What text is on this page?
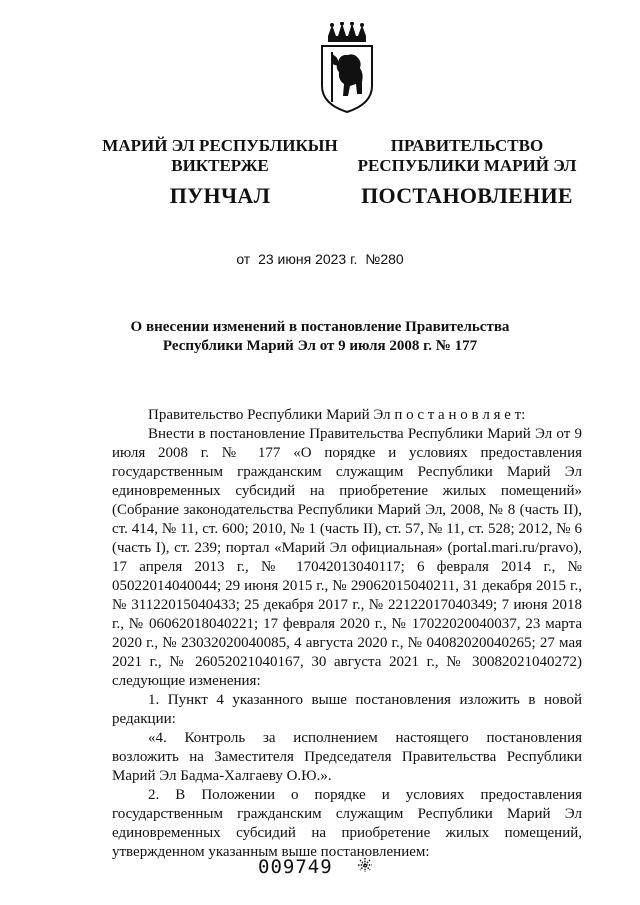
МАРИЙ ЭЛ РЕСПУБЛИКЫН
ВИКТЕРЖЕ
ПУНЧАЛ
ПРАВИТЕЛЬСТВО
РЕСПУБЛИКИ МАРИЙ ЭЛ
ПОСТАНОВЛЕНИЕ
от 23 июня 2023 г. №280
О внесении изменений в постановление Правительства
Республики Марий Эл от 9 июля 2008 г. № 177

Правительство Республики Марий Эл п о с т а н о в л я е т:

Внести в постановление Правительства Республики Марий Эл от 9 июля 2008 г. № 177 «О порядке и условиях предоставления государственным гражданским служащим Республики Марий Эл единовременных субсидий на приобретение жилых помещений» (Собрание законодательства Республики Марий Эл, 2008, № 8 (часть II), ст. 414, № 11, ст. 600; 2010, № 1 (часть II), ст. 57, № 11, ст. 528; 2012, № 6 (часть I), ст. 239; портал «Марий Эл официальная» (portal.mari.ru/pravo), 17 апреля 2013 г., № 17042013040117; 6 февраля 2014 г., № 05022014040044; 29 июня 2015 г., № 29062015040211, 31 декабря 2015 г., № 31122015040433; 25 декабря 2017 г., № 22122017040349; 7 июня 2018 г., № 06062018040221; 17 февраля 2020 г., № 17022020040037, 23 марта 2020 г., № 23032020040085, 4 августа 2020 г., № 04082020040265; 27 мая 2021 г., № 26052021040167, 30 августа 2021 г., № 30082021040272) следующие изменения:

1. Пункт 4 указанного выше постановления изложить в новой редакции:

«4. Контроль за исполнением настоящего постановления возложить на Заместителя Председателя Правительства Республики Марий Эл Бадма-Халгаеву О.Ю.».

2. В Положении о порядке и условиях предоставления государственным гражданским служащим Республики Марий Эл единовременных субсидий на приобретение жилых помещений, утвержденном указанным выше постановлением:

009749
